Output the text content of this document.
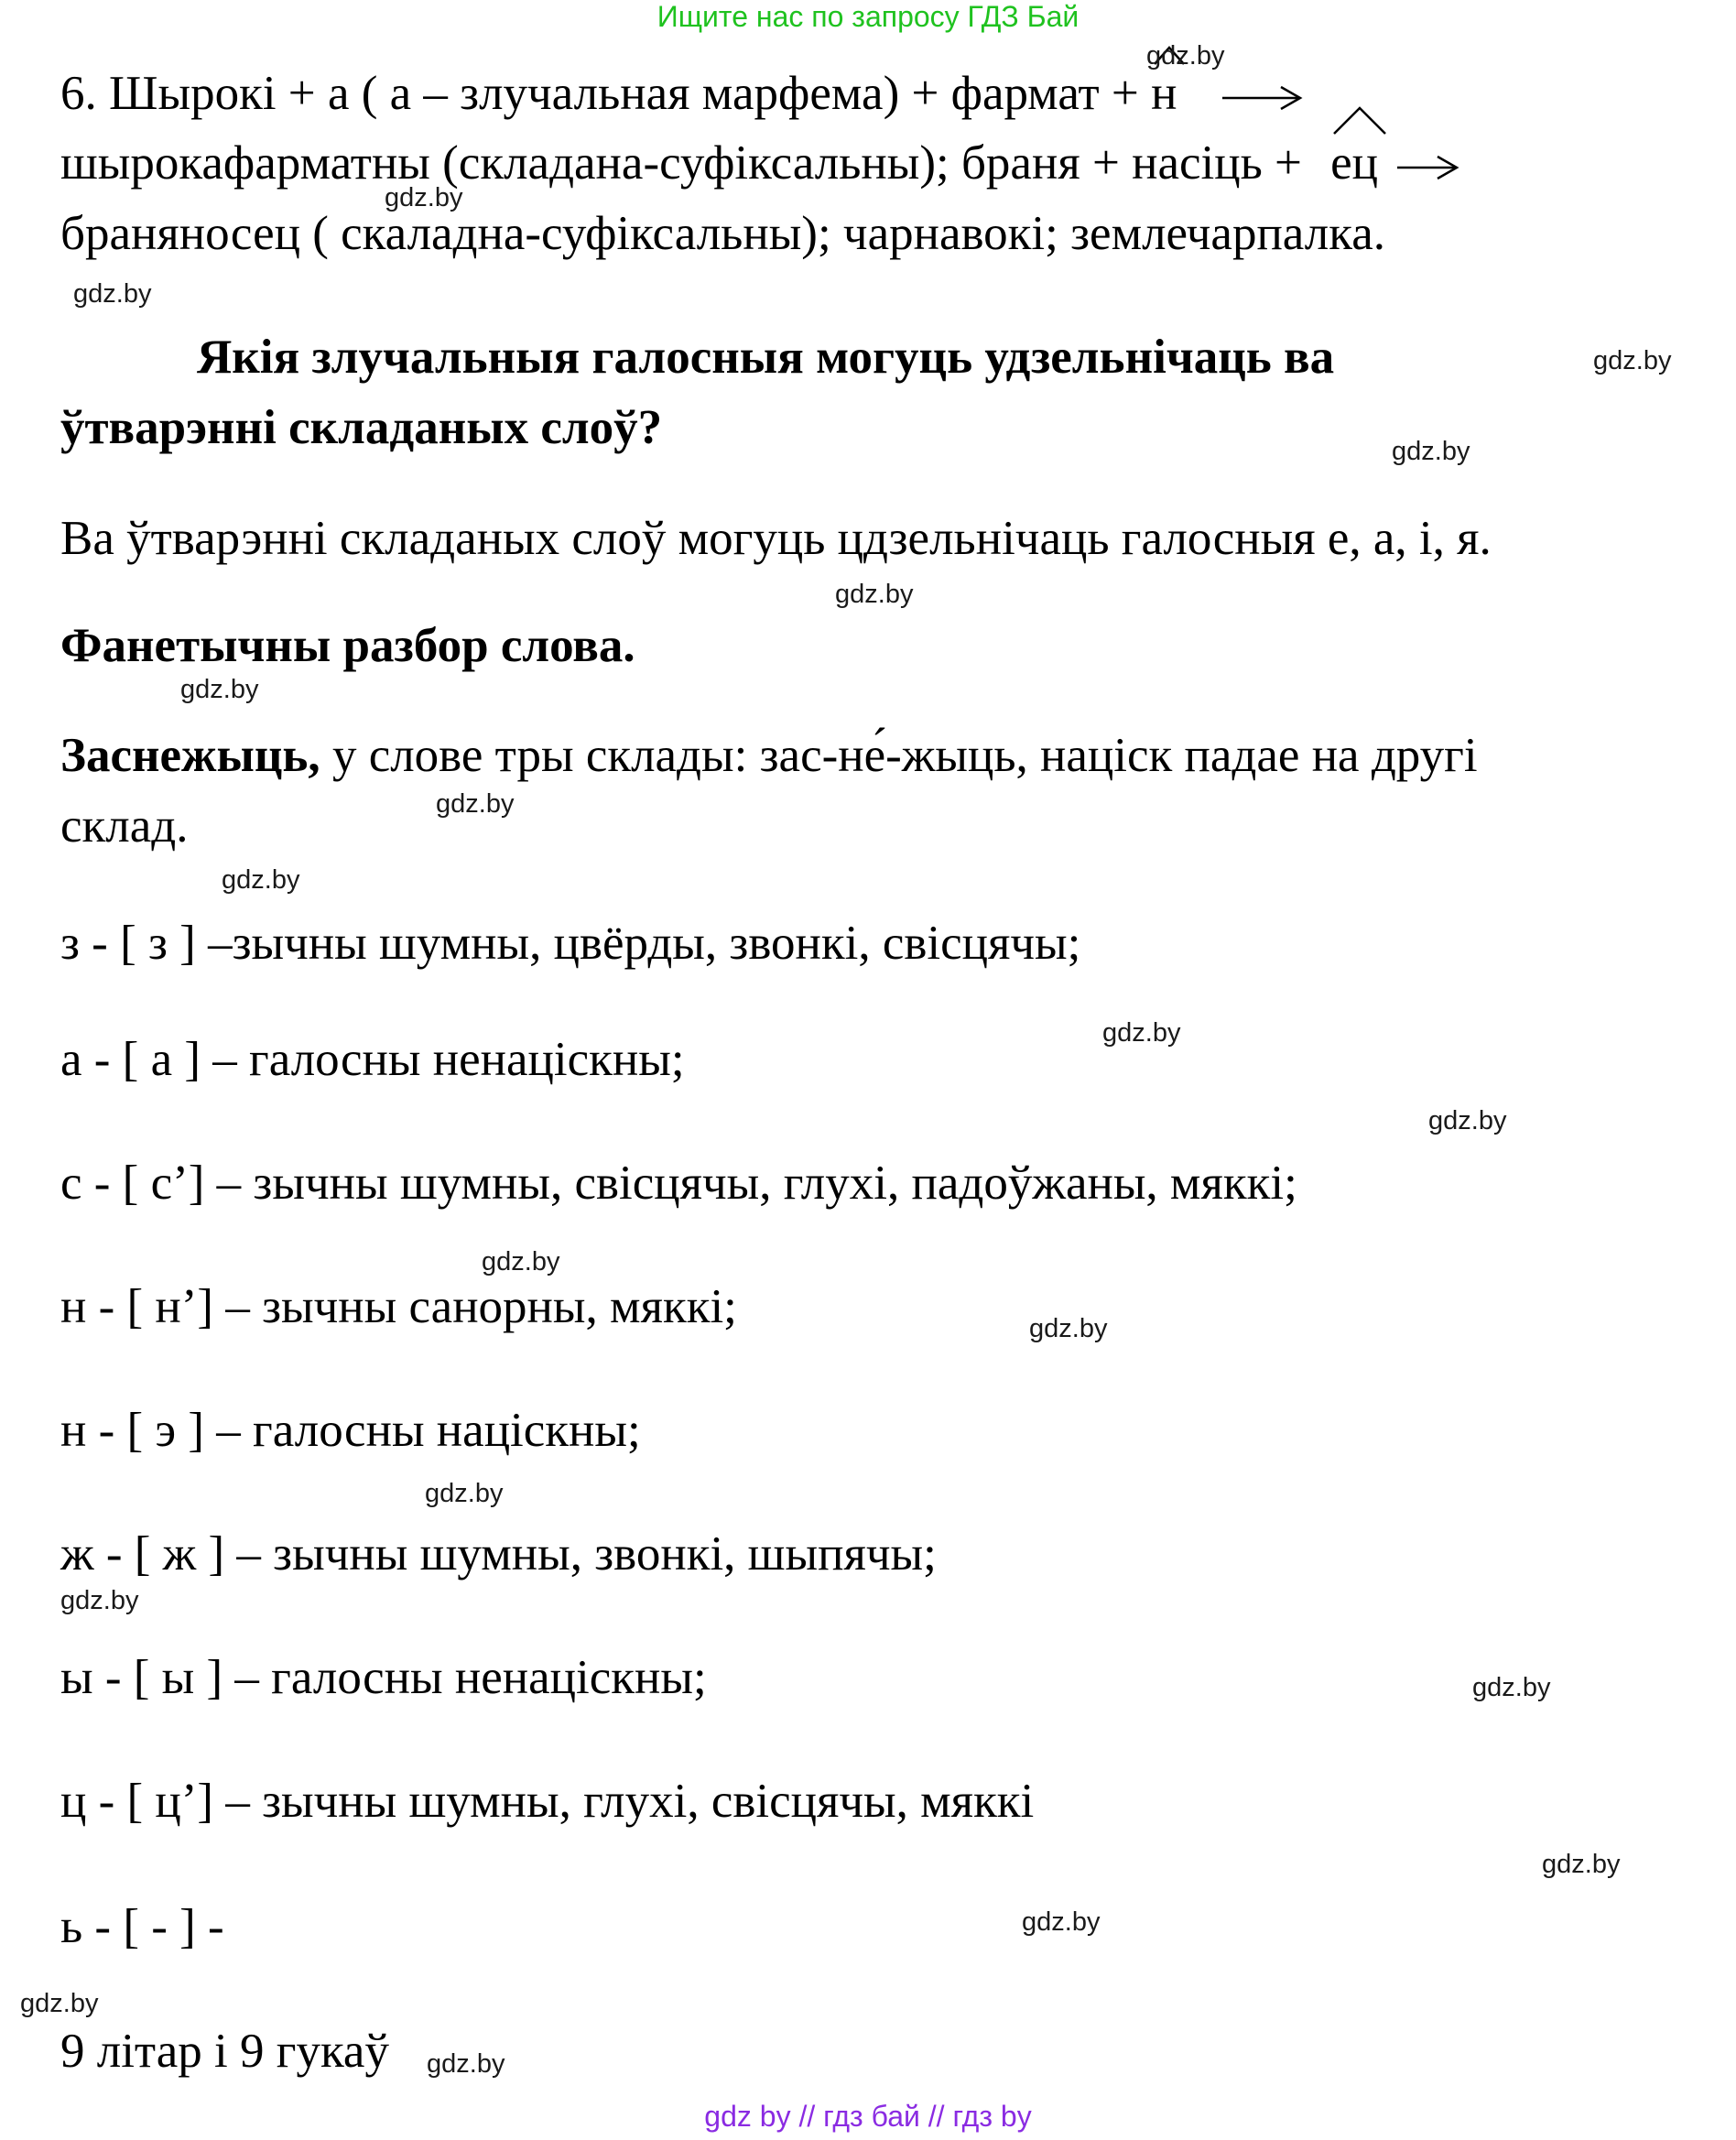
Ищите нас по запросу ГДЗ Бай
6. Шырокі + а ( а – злучальная марфема) + фармат + н
шырокафарматны (складана-суфіксальны); браня + насіць + ец
браняносец ( скаладна-суфіксальны); чарнавокі; землечарпалка.
Якія злучальныя галосныя могуць удзельнічаць ва
ўтварэнні складаных слоў?
Ва ўтварэнні складаных слоў могуць цдзельнічаць галосныя е, а, і, я.
Фанетычны разбор слова.
Заснежыць, у слове тры склады: зас-не́-жыць, націск падае на другі
склад.
з - [ з ] –зычны шумны, цвёрды, звонкі, свісцячы;
а - [ а ] – галосны ненаціскны;
с - [ с’] – зычны шумны, свісцячы, глухі, падоўжаны, мяккі;
н - [ н’] – зычны санорны, мяккі;
н - [ э ] – галосны націскны;
ж - [ ж ] – зычны шумны, звонкі, шыпячы;
ы - [ ы ] – галосны ненаціскны;
ц - [ ц’] – зычны шумны, глухі, свісцячы, мяккі
ь - [ - ] -
9 літар і 9 гукаў
gdz.by
gdz.by
gdz.by
gdz.by
gdz.by
gdz.by
gdz.by
gdz.by
gdz.by
gdz.by
gdz.by
gdz.by
gdz.by
gdz.by
gdz.by
gdz.by
gdz.by
gdz.by
gdz.by
gdz.by
gdz by // гдз бай // гдз by
